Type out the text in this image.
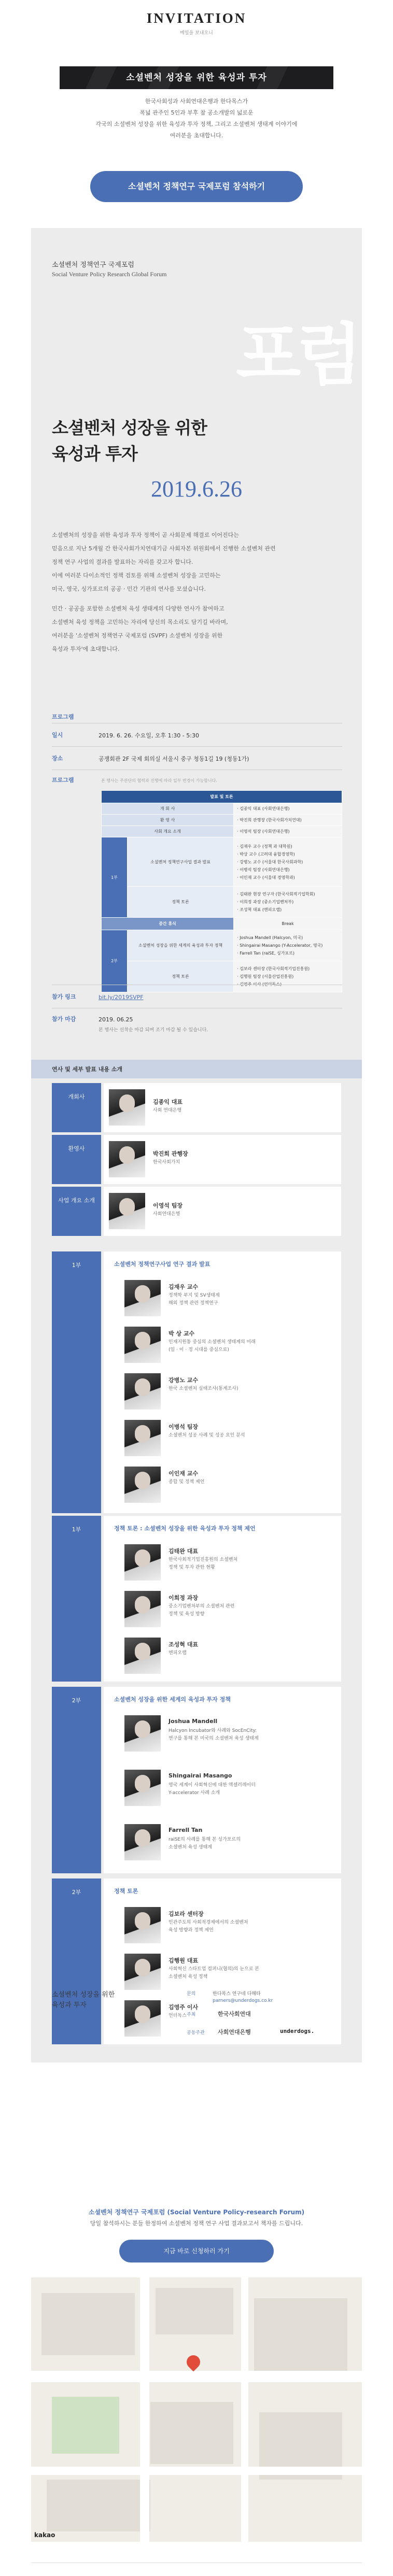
INVITATION
메일을 보내오니
소셜벤처 성장을 위한 육성과 투자
한국사회성과 사회연대은행과 한다목스가
폭넓 관주인 5인과 부후 참 공소개발의 넓로운
각국의 소셜벤처 성장을 위한 육성과 투자 정책, 그리고 소셜벤처 생태계 이야기에
여러분을 초대합니다.
소셜벤처 정책연구 국제포럼 참석하기
포럼
소셜벤처 정책연구 국제포럼
Social Venture Policy Research Global Forum
소셜벤처 성장을 위한
육성과 투자
2019.6.26
소셜벤처의 성장을 위한 육성과 투자 정책이 곧 사회문제 해결로 이어진다는
믿음으로 지난 5개월 간 한국사회가치연대기금 사회자본 위원회에서 진행한 소셜벤처 관련
정책 연구 사업의 결과를 발표하는 자리를 갖고자 합니다.
이에 여러분 다이소적인 정책 검토를 위해 소셜벤처 성장을 고민하는
미국, 영국, 싱가포르의 공공 · 민간 기관의 연사를 모셨습니다.
민간 · 공공을 포함한 소셜벤처 육성 생태계의 다양한 연사가 참여하고
소셜벤처 육성 정책을 고민하는 자리에 당신의 목소리도 담기길 바라며,
여러분을 '소셜벤처 정책연구 국제포럼 (SVPF) 소셜벤처 성장을 위한
육성과 투자'에 초대합니다.
프로그램
일시	2019. 6. 26. 수요일, 오후 1:30 - 5:30
장소	공쟁회관 2F 국제 회의실 서울시 중구 청동1길 19 (청동1가)
프로그램	본 행사는 주관단의 협력과 진행에 따라 일부 변경이 가능합니다.
발표 및 토론		
개 회 사		· 김종익 대표 (사회연대은행)
환 영 사		· 박진희 관행장 (한국사회가치연대)
사회 개요 소개		· 이영석 팀장 (사회연대은행)
1부	소셜벤처 정책연구사업 결과 발표	· 김재우 교수 (정책 과 대학원)
· 박상 교수 (고려대 융합경영학)
· 강병노 교수 (서울대 한국사회과학)
· 이병석 팀장 (사회연대은행)
· 이인재 교수 (서울대 경영학과)
	정책 토론	· 김태완 현장 연구자 (한국사회적기업학회)
· 이희정 과장 (중소기업벤처부)
· 조성혁 대표 (엔피오랩)
중간 휴식		Break
2부	소셜벤처 성장을 위한 세계의 육성과 투자 정책	· Joshua Mandell (Halcyon, 미국)
· Shingairai Masango (Y-Accelerator, 영국)
· Farrell Tan (raiSE, 싱가포르)
	정책 토론	· 김보라 센터장 (한국사회적기업진흥원)
· 김행원 팀장 (서울산업진흥원)
· 김영주 이사 (언더독스)
참가 링크	bit.ly/2019SVPF
참가 마감	2019. 06.25
본 행사는 선착순 마감 되며 조기 마감 될 수 있습니다.
연사 및 세부 발표 내용 소개
개회사
김종익 대표
사회 연대은행
환영사
박진희 관행장
한국사회가치
사업 개요 소개
이영석 팀장
사회연대은행
1부	소셜벤처 정책연구사업 연구 결과 발표
김재우 교수
정책학 부지 및 SV생태계
해외 정책 관련 정책연구
박 상 교수
인재지원통 중심의 소셜벤처 생태계의 미래
(일 · 이 · 정 시대를 중심으로)
강병노 교수
한국 소셜벤처 실태조사(통계조사)
이병석 팀장
소셜벤처 성공 사례 및 성공 요인 분석
이인재 교수
종합 및 정책 제언
1부	정책 토론 : 소셜벤처 성장을 위한 육성과 투자 정책 제언
김태완 대표
한국사회적기업진흥원의 소셜벤처
정책 및 투자 관한 현황
이희정 과장
중소기업벤처부의 소셜벤처 관련
정책 및 육성 방향
조성혁 대표
엔피오랩
2부	소셜벤처 성장을 위한 세계의 육성과 투자 정책
Joshua Mandell
Halcyon Incubator와 사례와 SocEnCity:
연구를 통해 본 미국의 소셜벤처 육성 생태계
Shingairai Masango
영국 세계이 사회혁신에 대한 액셀러레이터
Y-accelerator 사례 소개
Farrell Tan
raiSE의 사례를 통해 본 싱가포르의
소셜벤처 육성 생태계
2부	정책 토론
김보라 센터장
민관주도의 사회적경제에서의 소셜벤처
육성 방향과 정책 제언
김행원 대표
사회혁신 스타트업 컴퍼니(협의)의 눈으로 본
소셜벤처 육성 정책
김영주 이사
언더독스
소셜벤처 성장을 위한
육성과 투자
2019.6.26
문의	한다목스 연구네 다해타
parners@underdogs.co.kr
주최	한국사회연대
공동주관 사회연대은행	underdogs.
소셜벤처 정책연구 국제포럼 (Social Venture Policy-research Forum)
당일 참석하시는 분들 한정하여 소셜벤처 정책 연구 사업 결과보고서 책자를 드립니다.
지금 바로 신청하러 가기
kakao
